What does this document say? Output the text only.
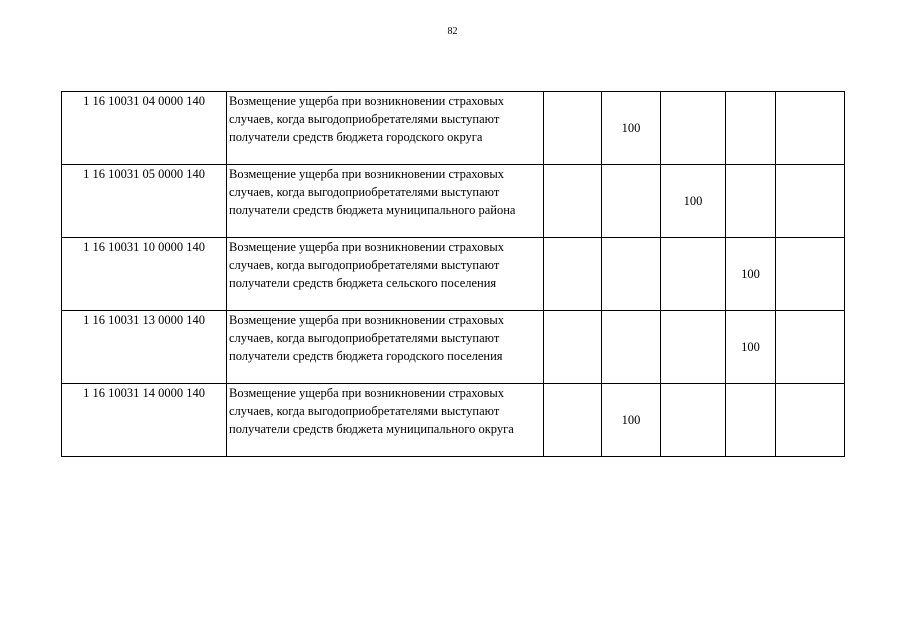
82
1 16 10031 04 0000 140	Возмещение ущерба при возникновении страховых случаев, когда выгодоприобретателями выступают получатели средств бюджета городского округа		100			
1 16 10031 05 0000 140	Возмещение ущерба при возникновении страховых случаев, когда выгодоприобретателями выступают получатели средств бюджета муниципального района			100		
1 16 10031 10 0000 140	Возмещение ущерба при возникновении страховых случаев, когда выгодоприобретателями выступают получатели средств бюджета сельского поселения				100	
1 16 10031 13 0000 140	Возмещение ущерба при возникновении страховых случаев, когда выгодоприобретателями выступают получатели средств бюджета городского поселения				100	
1 16 10031 14 0000 140	Возмещение ущерба при возникновении страховых случаев, когда выгодоприобретателями выступают получатели средств бюджета муниципального округа		100			
